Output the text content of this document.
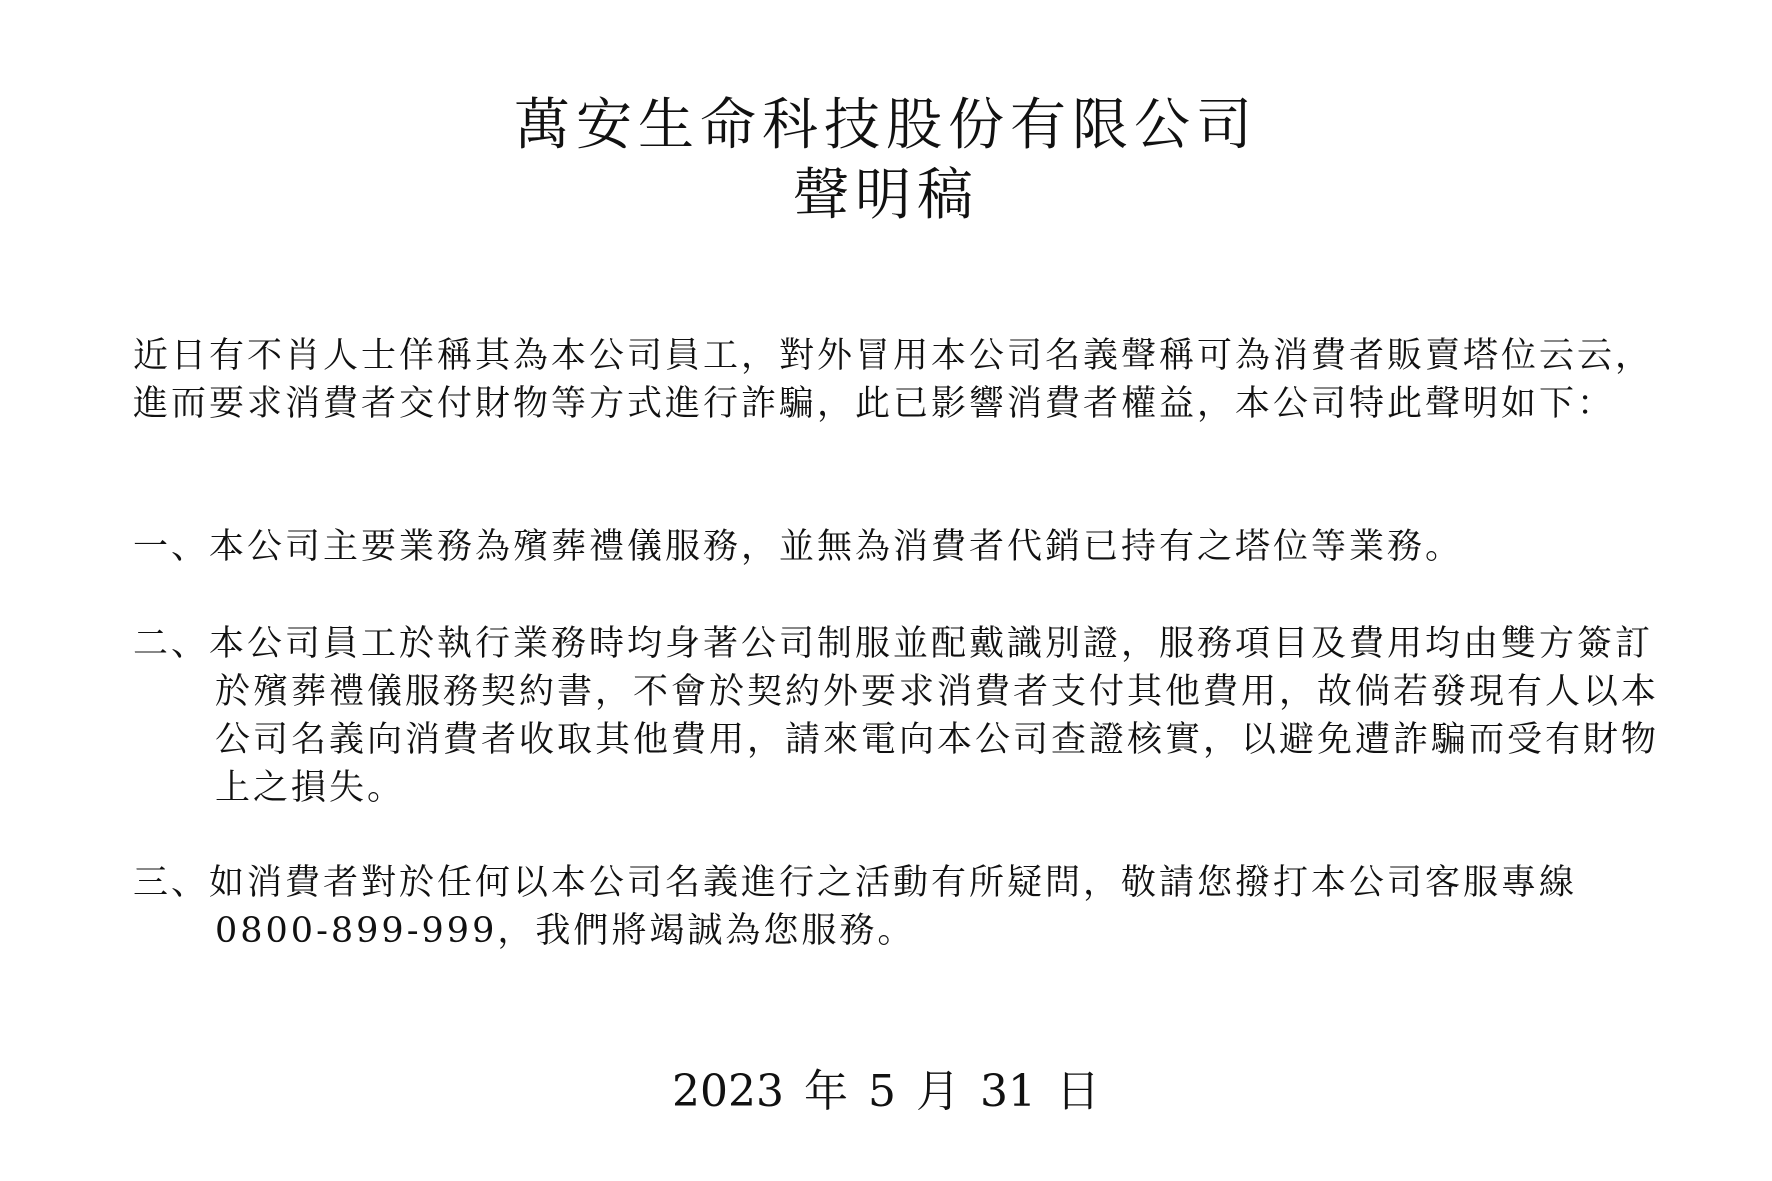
萬安生命科技股份有限公司
聲明稿

近日有不肖人士佯稱其為本公司員工，對外冒用本公司名義聲稱可為消費者販賣塔位云云，進而要求消費者交付財物等方式進行詐騙，此已影響消費者權益，本公司特此聲明如下：

一、本公司主要業務為殯葬禮儀服務，並無為消費者代銷已持有之塔位等業務。

二、本公司員工於執行業務時均身著公司制服並配戴識別證，服務項目及費用均由雙方簽訂於殯葬禮儀服務契約書，不會於契約外要求消費者支付其他費用，故倘若發現有人以本公司名義向消費者收取其他費用，請來電向本公司查證核實，以避免遭詐騙而受有財物上之損失。

三、如消費者對於任何以本公司名義進行之活動有所疑問，敬請您撥打本公司客服專線0800-899-999，我們將竭誠為您服務。

2023 年 5 月 31 日
